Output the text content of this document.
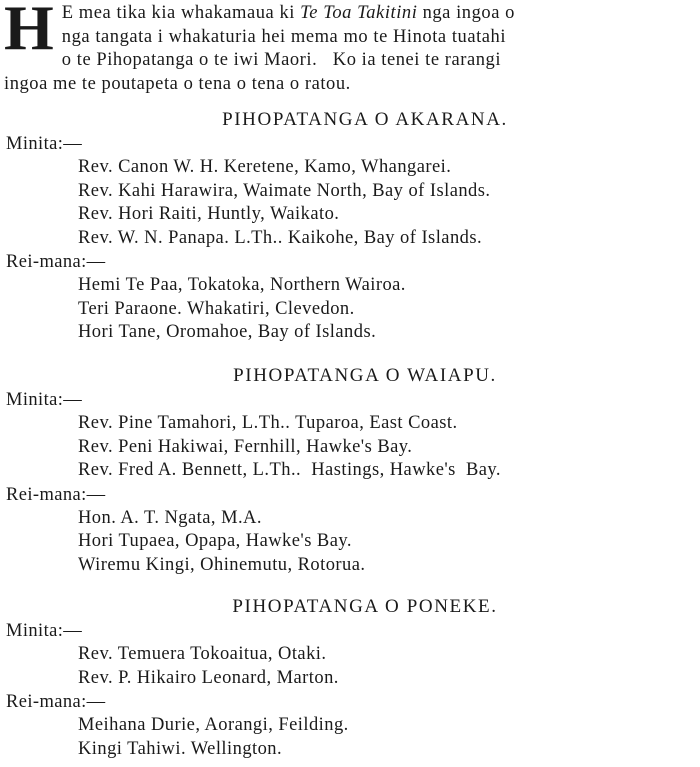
H E mea tika kia whakamaua ki Te Toa Takitini nga ingoa o
nga tangata i whakaturia hei mema mo te Hinota tuatahi
o te Pihopatanga o te iwi Maori.   Ko ia tenei te rarangi
ingoa me te poutapeta o tena o tena o ratou.
PIHOPATANGA O AKARANA.
Minita:—
Rev. Canon W. H. Keretene, Kamo, Whangarei.
Rev. Kahi Harawira, Waimate North, Bay of Islands.
Rev. Hori Raiti, Huntly, Waikato.
Rev. W. N. Panapa. L.Th.. Kaikohe, Bay of Islands.
Rei-mana:—
Hemi Te Paa, Tokatoka, Northern Wairoa.
Teri Paraone. Whakatiri, Clevedon.
Hori Tane, Oromahoe, Bay of Islands.
PIHOPATANGA O WAIAPU.
Minita:—
Rev. Pine Tamahori, L.Th.. Tuparoa, East Coast.
Rev. Peni Hakiwai, Fernhill, Hawke's Bay.
Rev. Fred A. Bennett, L.Th..  Hastings, Hawke's  Bay.
Rei-mana:—
Hon. A. T. Ngata, M.A.
Hori Tupaea, Opapa, Hawke's Bay.
Wiremu Kingi, Ohinemutu, Rotorua.
PIHOPATANGA O PONEKE.
Minita:—
Rev. Temuera Tokoaitua, Otaki.
Rev. P. Hikairo Leonard, Marton.
Rei-mana:—
Meihana Durie, Aorangi, Feilding.
Kingi Tahiwi. Wellington.
